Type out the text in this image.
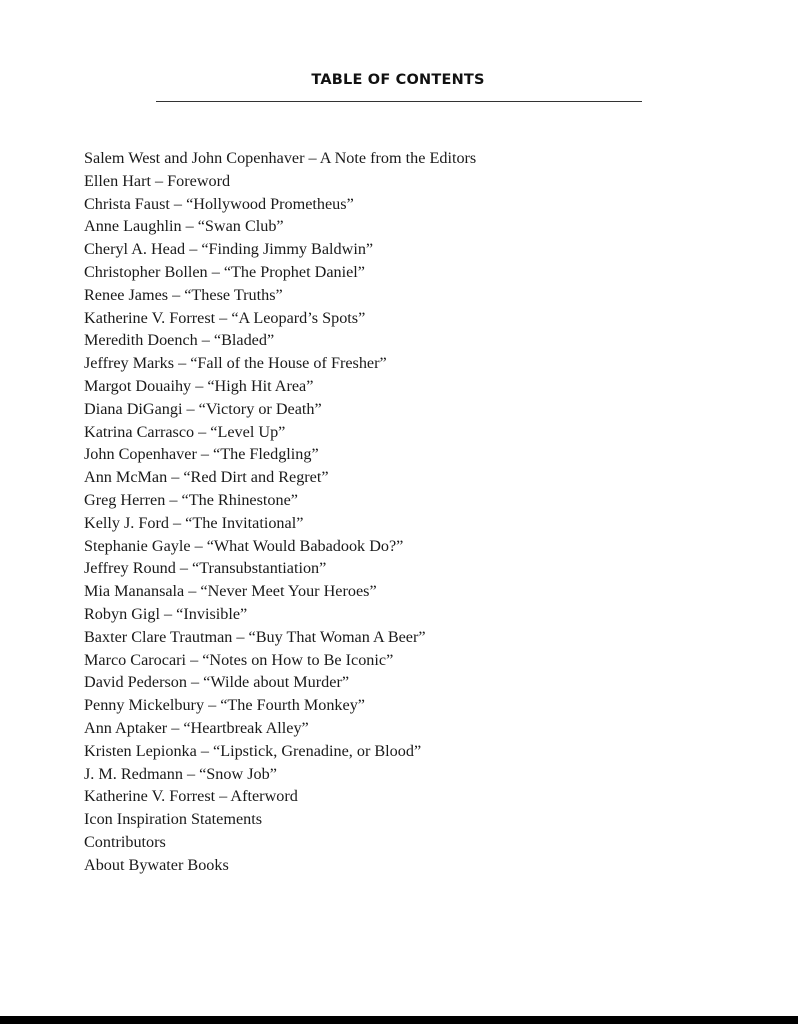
TABLE OF CONTENTS
Salem West and John Copenhaver – A Note from the Editors
Ellen Hart – Foreword
Christa Faust – “Hollywood Prometheus”
Anne Laughlin – “Swan Club”
Cheryl A. Head – “Finding Jimmy Baldwin”
Christopher Bollen – “The Prophet Daniel”
Renee James – “These Truths”
Katherine V. Forrest – “A Leopard’s Spots”
Meredith Doench – “Bladed”
Jeffrey Marks – “Fall of the House of Fresher”
Margot Douaihy – “High Hit Area”
Diana DiGangi – “Victory or Death”
Katrina Carrasco – “Level Up”
John Copenhaver – “The Fledgling”
Ann McMan – “Red Dirt and Regret”
Greg Herren – “The Rhinestone”
Kelly J. Ford – “The Invitational”
Stephanie Gayle – “What Would Babadook Do?”
Jeffrey Round – “Transubstantiation”
Mia Manansala – “Never Meet Your Heroes”
Robyn Gigl – “Invisible”
Baxter Clare Trautman – “Buy That Woman A Beer”
Marco Carocari – “Notes on How to Be Iconic”
David Pederson – “Wilde about Murder”
Penny Mickelbury – “The Fourth Monkey”
Ann Aptaker – “Heartbreak Alley”
Kristen Lepionka – “Lipstick, Grenadine, or Blood”
J. M. Redmann – “Snow Job”
Katherine V. Forrest – Afterword
Icon Inspiration Statements
Contributors
About Bywater Books
